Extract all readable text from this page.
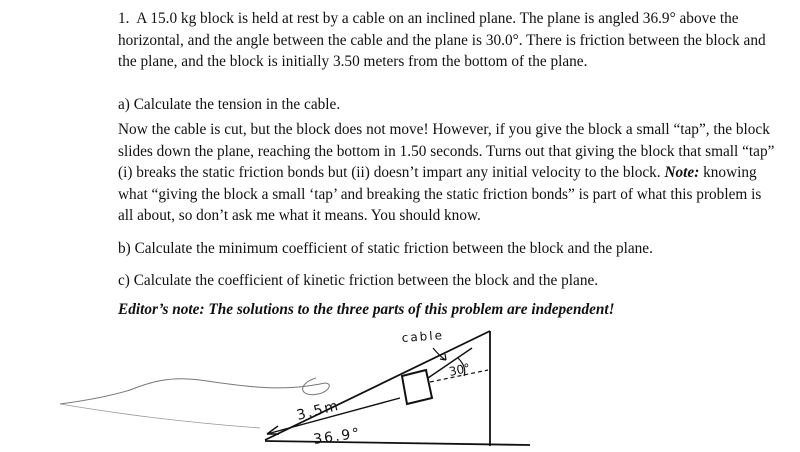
1. A 15.0 kg block is held at rest by a cable on an inclined plane. The plane is angled 36.9° above the horizontal, and the angle between the cable and the plane is 30.0°. There is friction between the block and the plane, and the block is initially 3.50 meters from the bottom of the plane.

a) Calculate the tension in the cable.

Now the cable is cut, but the block does not move! However, if you give the block a small “tap”, the block slides down the plane, reaching the bottom in 1.50 seconds. Turns out that giving the block that small “tap” (i) breaks the static friction bonds but (ii) doesn’t impart any initial velocity to the block. Note: knowing what “giving the block a small ‘tap’ and breaking the static friction bonds” is part of what this problem is all about, so don’t ask me what it means. You should know.

b) Calculate the minimum coefficient of static friction between the block and the plane.

c) Calculate the coefficient of kinetic friction between the block and the plane.

Editor’s note: The solutions to the three parts of this problem are independent!

cable
30°
3.5m
36.9°
